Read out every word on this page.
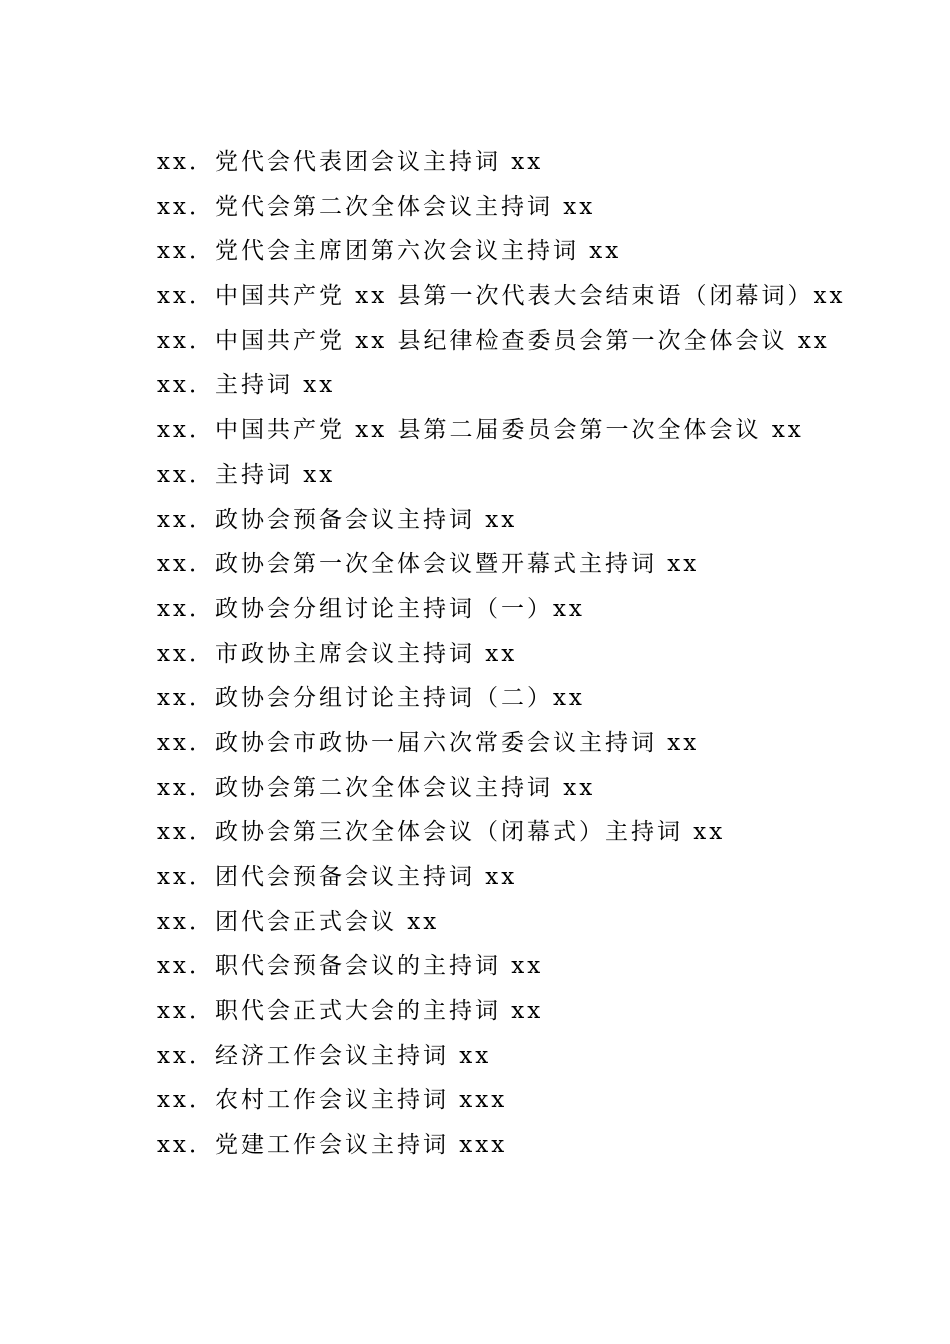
xx．党代会代表团会议主持词 xx
xx．党代会第二次全体会议主持词 xx
xx．党代会主席团第六次会议主持词 xx
xx．中国共产党 xx 县第一次代表大会结束语（闭幕词）xx
xx．中国共产党 xx 县纪律检查委员会第一次全体会议 xx
xx．主持词 xx
xx．中国共产党 xx 县第二届委员会第一次全体会议 xx
xx．主持词 xx
xx．政协会预备会议主持词 xx
xx．政协会第一次全体会议暨开幕式主持词 xx
xx．政协会分组讨论主持词（一）xx
xx．市政协主席会议主持词 xx
xx．政协会分组讨论主持词（二）xx
xx．政协会市政协一届六次常委会议主持词 xx
xx．政协会第二次全体会议主持词 xx
xx．政协会第三次全体会议（闭幕式）主持词 xx
xx．团代会预备会议主持词 xx
xx．团代会正式会议 xx
xx．职代会预备会议的主持词 xx
xx．职代会正式大会的主持词 xx
xx．经济工作会议主持词 xx
xx．农村工作会议主持词 xxx
xx．党建工作会议主持词 xxx
